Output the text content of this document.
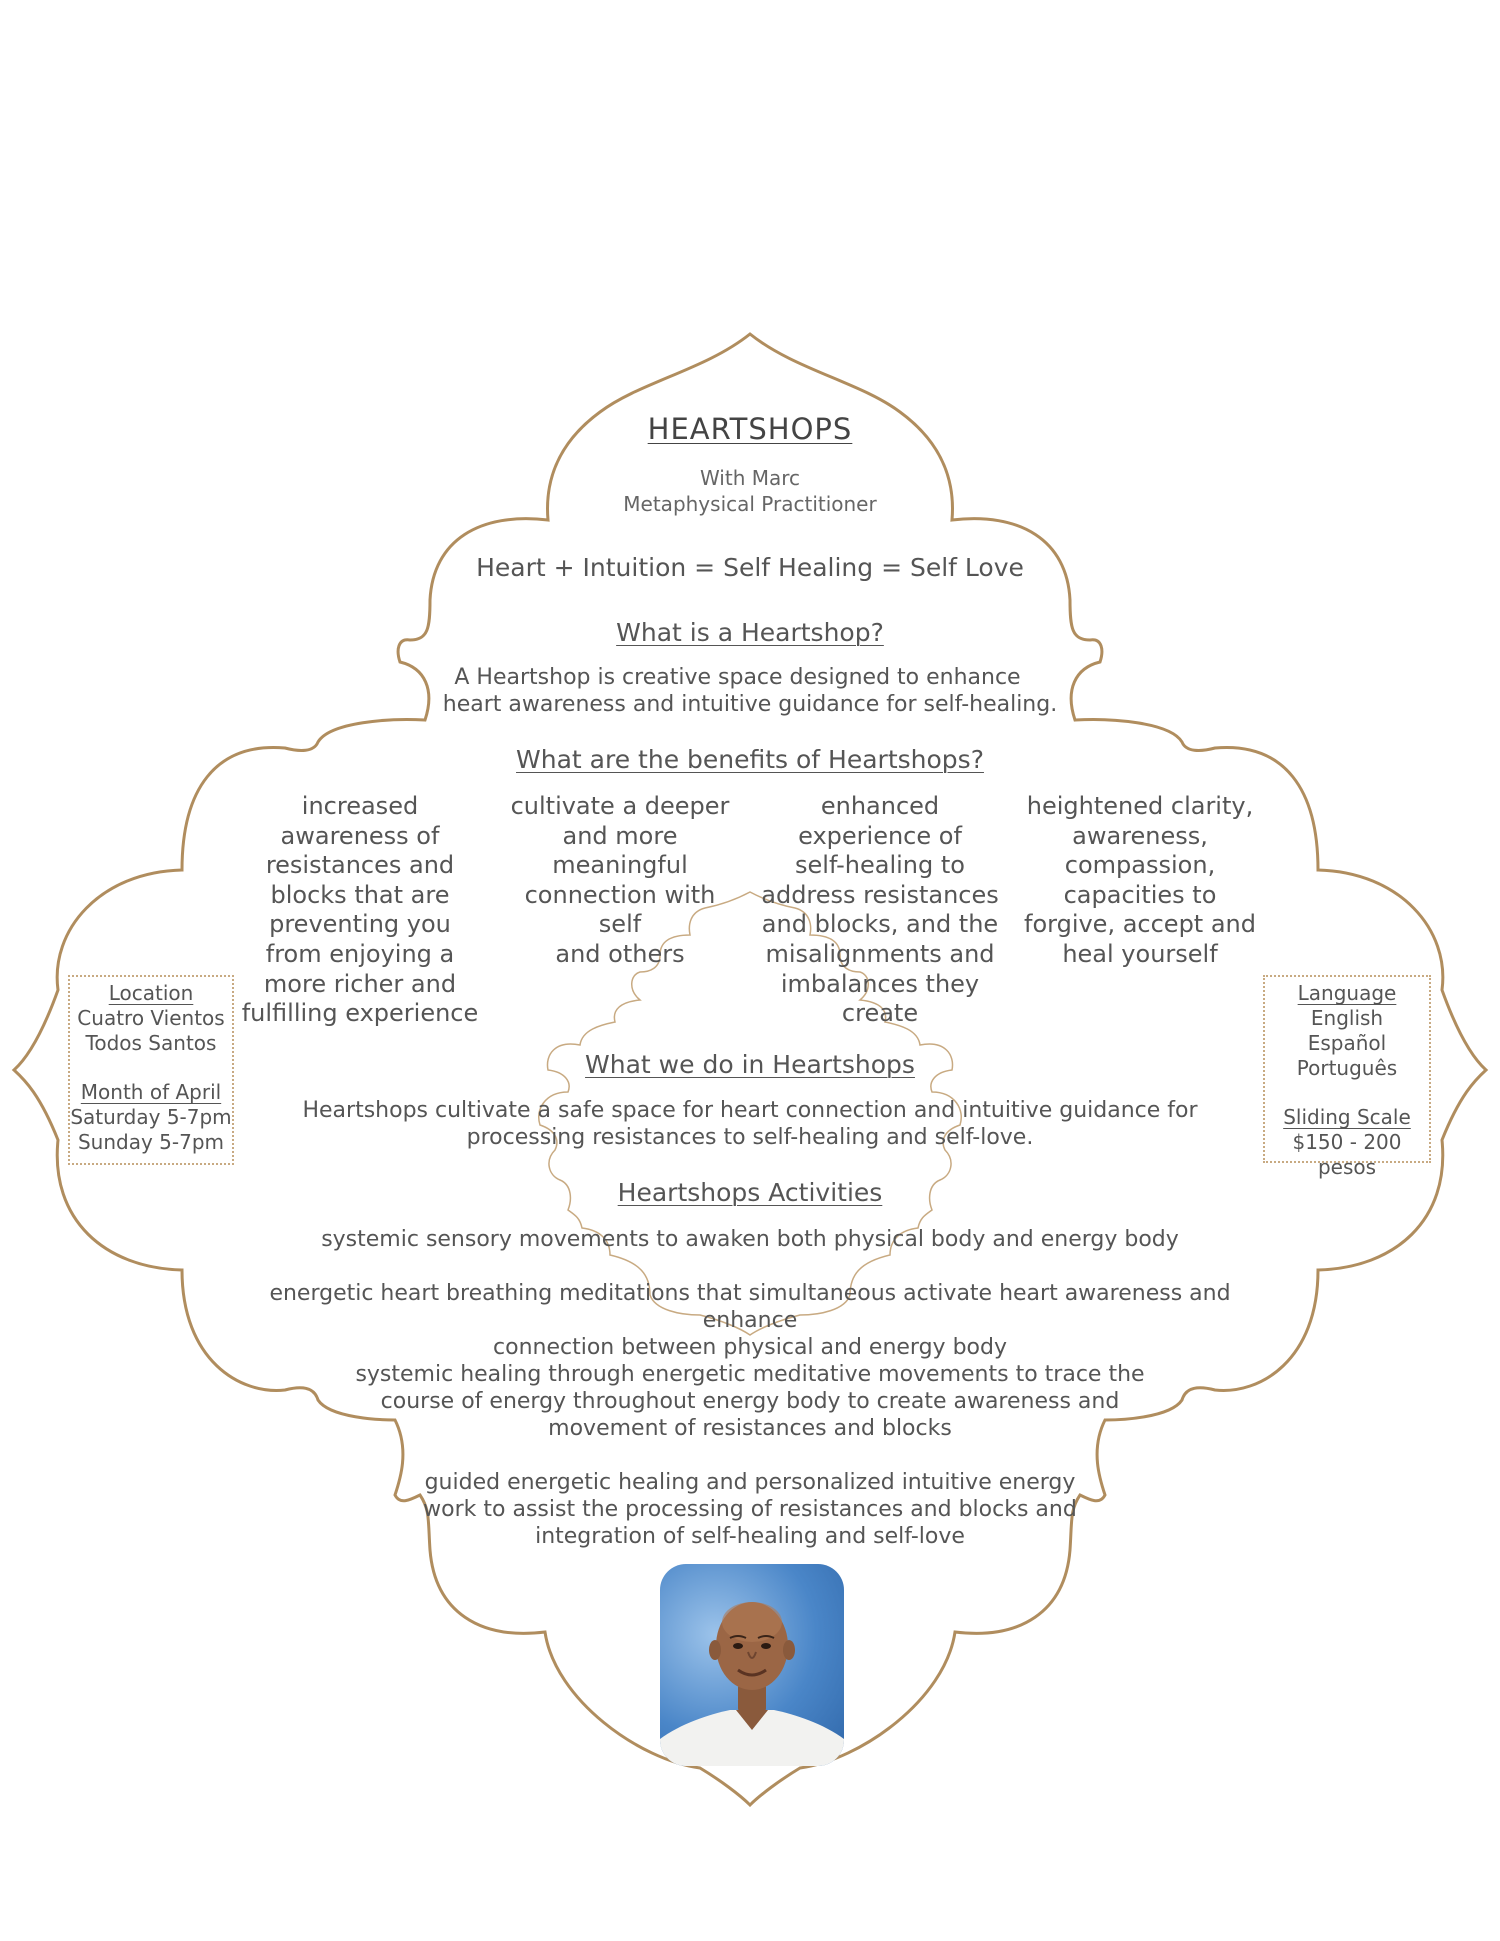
HEARTSHOPS
With Marc
Metaphysical Practitioner
Heart + Intuition = Self Healing = Self Love
What is a Heartshop?
A Heartshop is creative space designed to enhance
heart awareness and intuitive guidance for self-healing.
What are the benefits of Heartshops?
increased
awareness of
resistances and
blocks that are
preventing you
from enjoying a
more richer and
fulfilling experience
cultivate a deeper
and more
meaningful
connection with self
and others
enhanced
experience of
self-healing to
address resistances
and blocks, and the
misalignments and
imbalances they
create
heightened clarity,
awareness,
compassion,
capacities to
forgive, accept and
heal yourself
Location
Cuatro Vientos
Todos Santos
Month of April
Saturday 5-7pm
Sunday 5-7pm
Language
English
Español
Português
Sliding Scale
$150 - 200 pesos
What we do in Heartshops
Heartshops cultivate a safe space for heart connection and intuitive guidance for
processing resistances to self-healing and self-love.
Heartshops Activities
systemic sensory movements to awaken both physical body and energy body
energetic heart breathing meditations that simultaneous activate heart awareness and enhance
connection between physical and energy body
systemic healing through energetic meditative movements to trace the
course of energy throughout energy body to create awareness and
movement of resistances and blocks
guided energetic healing and personalized intuitive energy
work to assist the processing of resistances and blocks and
integration of self-healing and self-love
